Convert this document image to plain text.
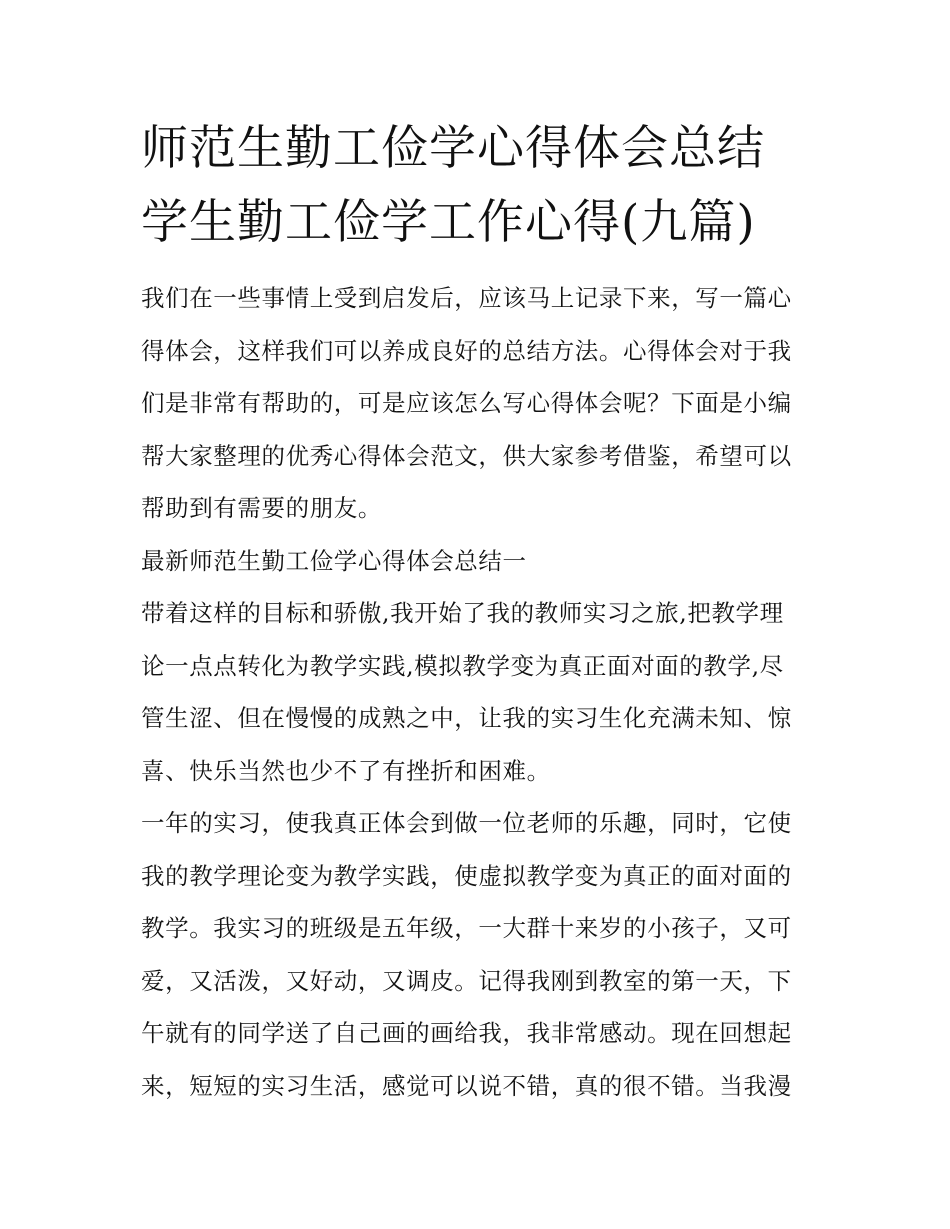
师范生勤工俭学心得体会总结
学生勤工俭学工作心得(九篇)

我们在一些事情上受到启发后，应该马上记录下来，写一篇心
得体会，这样我们可以养成良好的总结方法。心得体会对于我
们是非常有帮助的，可是应该怎么写心得体会呢？下面是小编
帮大家整理的优秀心得体会范文，供大家参考借鉴，希望可以
帮助到有需要的朋友。

最新师范生勤工俭学心得体会总结一

带着这样的目标和骄傲,我开始了我的教师实习之旅,把教学理
论一点点转化为教学实践,模拟教学变为真正面对面的教学,尽
管生涩、但在慢慢的成熟之中，让我的实习生化充满未知、惊
喜、快乐当然也少不了有挫折和困难。

一年的实习，使我真正体会到做一位老师的乐趣，同时，它使
我的教学理论变为教学实践，使虚拟教学变为真正的面对面的
教学。我实习的班级是五年级，一大群十来岁的小孩子，又可
爱，又活泼，又好动，又调皮。记得我刚到教室的第一天，下
午就有的同学送了自己画的画给我，我非常感动。现在回想起
来，短短的实习生活，感觉可以说不错，真的很不错。当我漫
